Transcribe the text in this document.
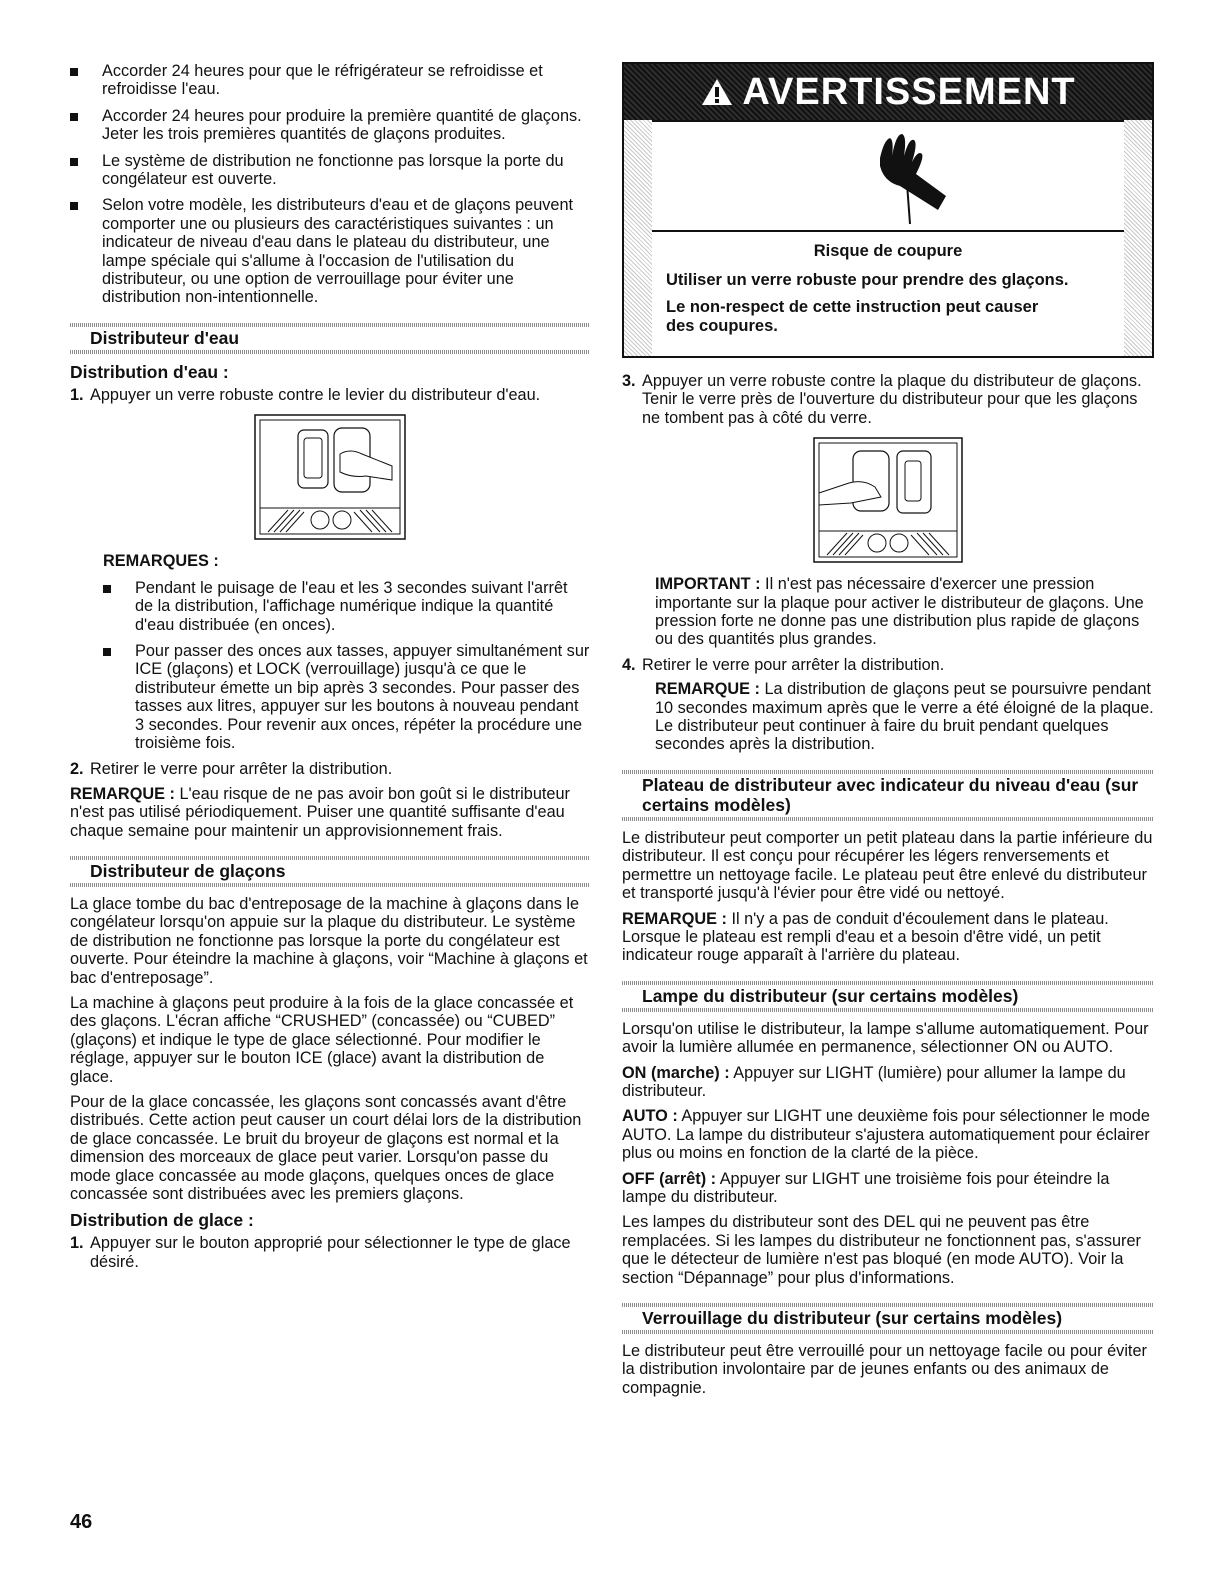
Accorder 24 heures pour que le réfrigérateur se refroidisse et refroidisse l'eau.
Accorder 24 heures pour produire la première quantité de glaçons. Jeter les trois premières quantités de glaçons produites.
Le système de distribution ne fonctionne pas lorsque la porte du congélateur est ouverte.
Selon votre modèle, les distributeurs d'eau et de glaçons peuvent comporter une ou plusieurs des caractéristiques suivantes : un indicateur de niveau d'eau dans le plateau du distributeur, une lampe spéciale qui s'allume à l'occasion de l'utilisation du distributeur, ou une option de verrouillage pour éviter une distribution non-intentionnelle.
Distributeur d'eau
Distribution d'eau :
1. Appuyer un verre robuste contre le levier du distributeur d'eau.
REMARQUES :
Pendant le puisage de l'eau et les 3 secondes suivant l'arrêt de la distribution, l'affichage numérique indique la quantité d'eau distribuée (en onces).
Pour passer des onces aux tasses, appuyer simultanément sur ICE (glaçons) et LOCK (verrouillage) jusqu'à ce que le distributeur émette un bip après 3 secondes. Pour passer des tasses aux litres, appuyer sur les boutons à nouveau pendant 3 secondes. Pour revenir aux onces, répéter la procédure une troisième fois.
2. Retirer le verre pour arrêter la distribution.

REMARQUE : L'eau risque de ne pas avoir bon goût si le distributeur n'est pas utilisé périodiquement. Puiser une quantité suffisante d'eau chaque semaine pour maintenir un approvisionnement frais.

Distributeur de glaçons

La glace tombe du bac d'entreposage de la machine à glaçons dans le congélateur lorsqu'on appuie sur la plaque du distributeur. Le système de distribution ne fonctionne pas lorsque la porte du congélateur est ouverte. Pour éteindre la machine à glaçons, voir “Machine à glaçons et bac d'entreposage”.

La machine à glaçons peut produire à la fois de la glace concassée et des glaçons. L'écran affiche “CRUSHED” (concassée) ou “CUBED” (glaçons) et indique le type de glace sélectionné. Pour modifier le réglage, appuyer sur le bouton ICE (glace) avant la distribution de glace.

Pour de la glace concassée, les glaçons sont concassés avant d'être distribués. Cette action peut causer un court délai lors de la distribution de glace concassée. Le bruit du broyeur de glaçons est normal et la dimension des morceaux de glace peut varier. Lorsqu'on passe du mode glace concassée au mode glaçons, quelques onces de glace concassée sont distribuées avec les premiers glaçons.

Distribution de glace :
1. Appuyer sur le bouton approprié pour sélectionner le type de glace désiré.
AVERTISSEMENT
Risque de coupure

Utiliser un verre robuste pour prendre des glaçons.

Le non-respect de cette instruction peut causer des coupures.

3. Appuyer un verre robuste contre la plaque du distributeur de glaçons. Tenir le verre près de l'ouverture du distributeur pour que les glaçons ne tombent pas à côté du verre.

IMPORTANT : Il n'est pas nécessaire d'exercer une pression importante sur la plaque pour activer le distributeur de glaçons. Une pression forte ne donne pas une distribution plus rapide de glaçons ou des quantités plus grandes.

4. Retirer le verre pour arrêter la distribution.

REMARQUE : La distribution de glaçons peut se poursuivre pendant 10 secondes maximum après que le verre a été éloigné de la plaque. Le distributeur peut continuer à faire du bruit pendant quelques secondes après la distribution.

Plateau de distributeur avec indicateur du niveau d'eau (sur certains modèles)

Le distributeur peut comporter un petit plateau dans la partie inférieure du distributeur. Il est conçu pour récupérer les légers renversements et permettre un nettoyage facile. Le plateau peut être enlevé du distributeur et transporté jusqu'à l'évier pour être vidé ou nettoyé.

REMARQUE : Il n'y a pas de conduit d'écoulement dans le plateau. Lorsque le plateau est rempli d'eau et a besoin d'être vidé, un petit indicateur rouge apparaît à l'arrière du plateau.

Lampe du distributeur (sur certains modèles)

Lorsqu'on utilise le distributeur, la lampe s'allume automatiquement. Pour avoir la lumière allumée en permanence, sélectionner ON ou AUTO.

ON (marche) : Appuyer sur LIGHT (lumière) pour allumer la lampe du distributeur.

AUTO : Appuyer sur LIGHT une deuxième fois pour sélectionner le mode AUTO. La lampe du distributeur s'ajustera automatiquement pour éclairer plus ou moins en fonction de la clarté de la pièce.

OFF (arrêt) : Appuyer sur LIGHT une troisième fois pour éteindre la lampe du distributeur.

Les lampes du distributeur sont des DEL qui ne peuvent pas être remplacées. Si les lampes du distributeur ne fonctionnent pas, s'assurer que le détecteur de lumière n'est pas bloqué (en mode AUTO). Voir la section “Dépannage” pour plus d'informations.

Verrouillage du distributeur (sur certains modèles)

Le distributeur peut être verrouillé pour un nettoyage facile ou pour éviter la distribution involontaire par de jeunes enfants ou des animaux de compagnie.

46
